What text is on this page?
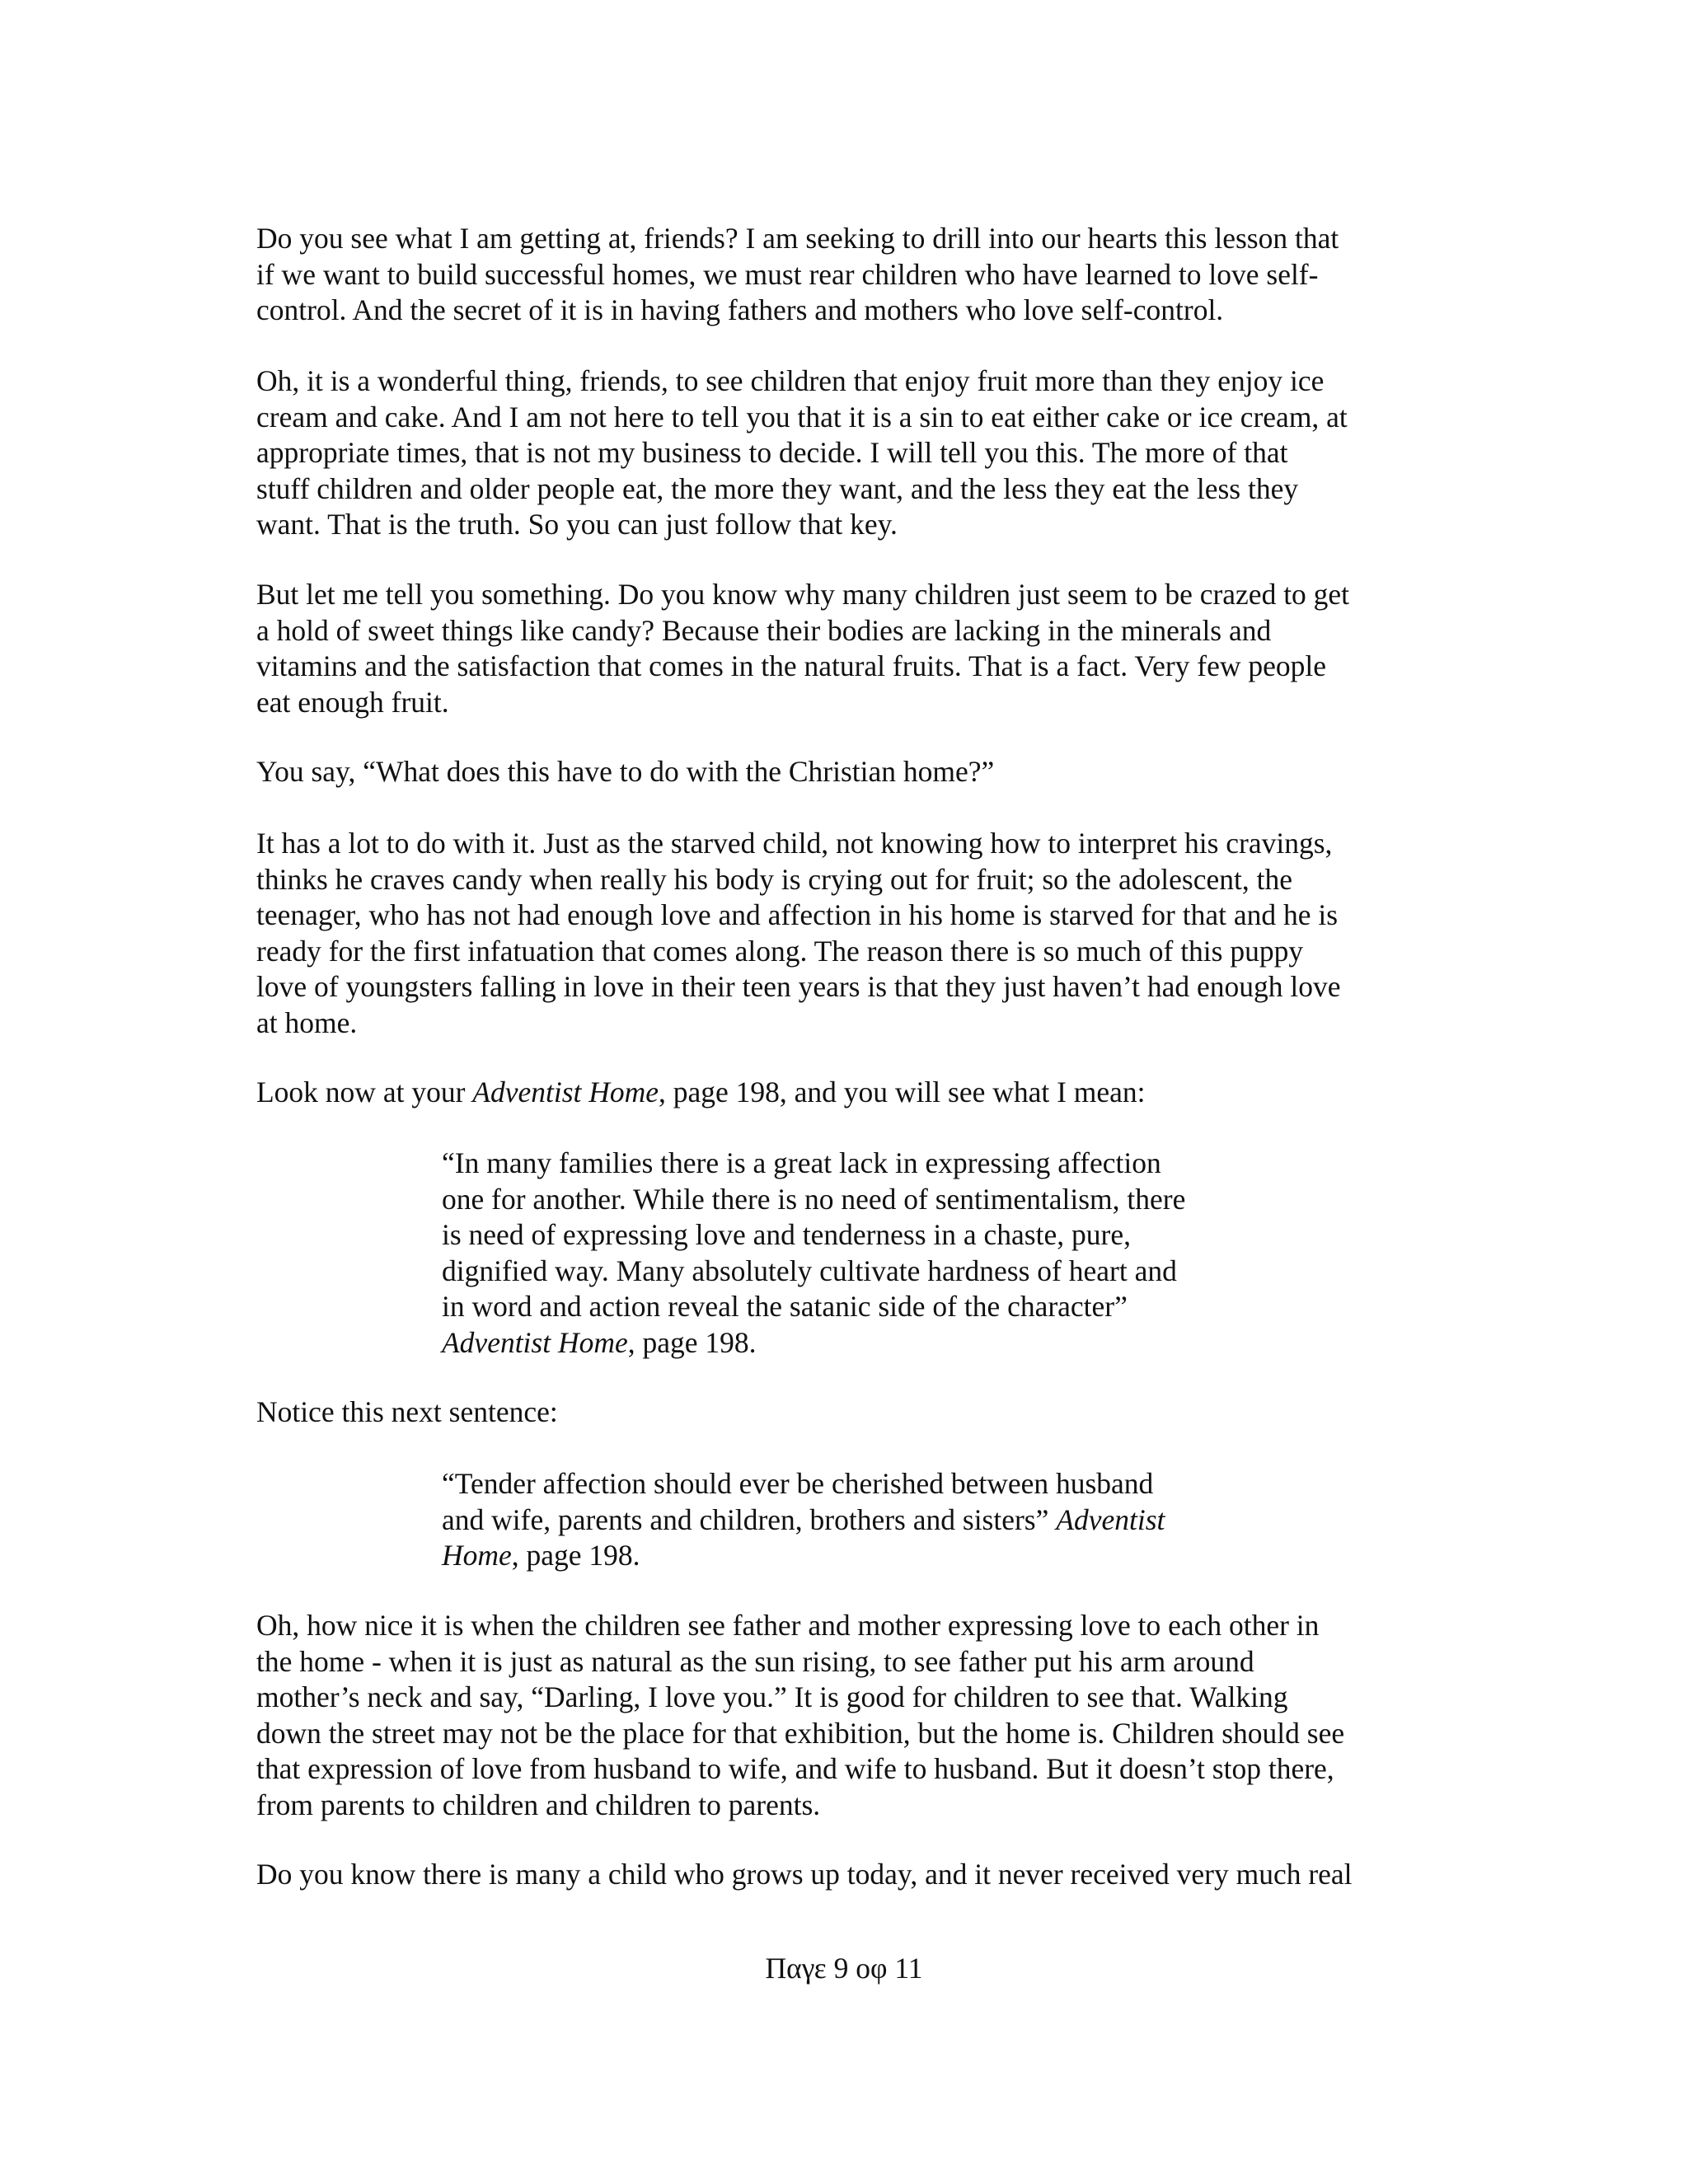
Do you see what I am getting at, friends? I am seeking to drill into our hearts this lesson that
if we want to build successful homes, we must rear children who have learned to love self-
control. And the secret of it is in having fathers and mothers who love self-control.
Oh, it is a wonderful thing, friends, to see children that enjoy fruit more than they enjoy ice
cream and cake. And I am not here to tell you that it is a sin to eat either cake or ice cream, at
appropriate times, that is not my business to decide. I will tell you this. The more of that
stuff children and older people eat, the more they want, and the less they eat the less they
want. That is the truth. So you can just follow that key.
But let me tell you something. Do you know why many children just seem to be crazed to get
a hold of sweet things like candy? Because their bodies are lacking in the minerals and
vitamins and the satisfaction that comes in the natural fruits. That is a fact. Very few people
eat enough fruit.
You say, “What does this have to do with the Christian home?”
It has a lot to do with it. Just as the starved child, not knowing how to interpret his cravings,
thinks he craves candy when really his body is crying out for fruit; so the adolescent, the
teenager, who has not had enough love and affection in his home is starved for that and he is
ready for the first infatuation that comes along. The reason there is so much of this puppy
love of youngsters falling in love in their teen years is that they just haven’t had enough love
at home.
Look now at your Adventist Home, page 198, and you will see what I mean:
“In many families there is a great lack in expressing affection
one for another. While there is no need of sentimentalism, there
is need of expressing love and tenderness in a chaste, pure,
dignified way. Many absolutely cultivate hardness of heart and
in word and action reveal the satanic side of the character”
Adventist Home, page 198.
Notice this next sentence:
“Tender affection should ever be cherished between husband
and wife, parents and children, brothers and sisters” Adventist
Home, page 198.
Oh, how nice it is when the children see father and mother expressing love to each other in
the home - when it is just as natural as the sun rising, to see father put his arm around
mother’s neck and say, “Darling, I love you.” It is good for children to see that. Walking
down the street may not be the place for that exhibition, but the home is. Children should see
that expression of love from husband to wife, and wife to husband. But it doesn’t stop there,
from parents to children and children to parents.
Do you know there is many a child who grows up today, and it never received very much real
Παγε 9 οφ 11
